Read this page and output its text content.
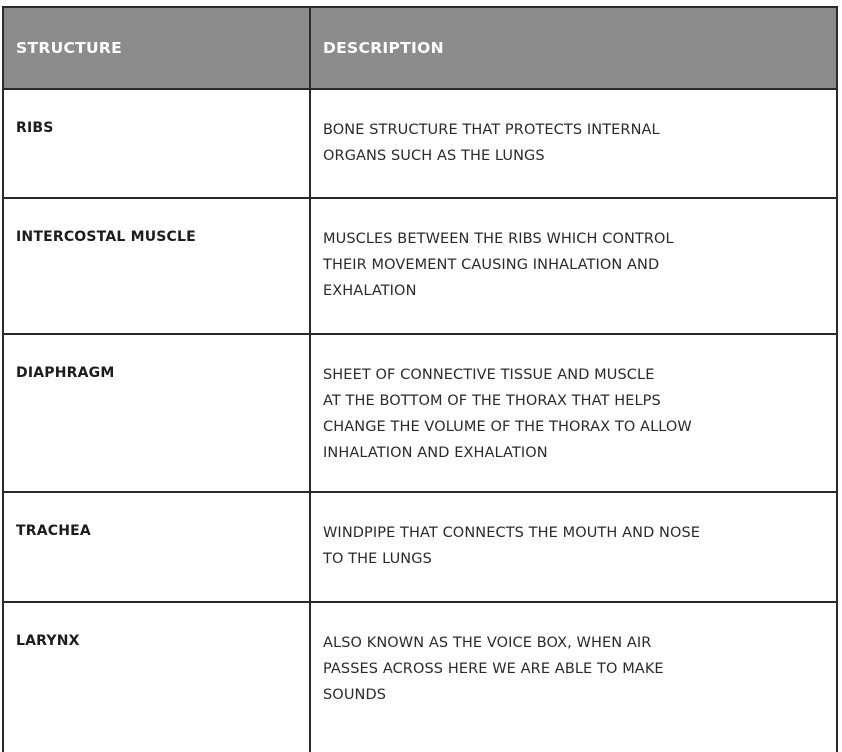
STRUCTURE	DESCRIPTION
RIBS	BONE STRUCTURE THAT PROTECTS INTERNAL
ORGANS SUCH AS THE LUNGS

INTERCOSTAL MUSCLE	MUSCLES BETWEEN THE RIBS WHICH CONTROL
THEIR MOVEMENT CAUSING INHALATION AND
EXHALATION

DIAPHRAGM	SHEET OF CONNECTIVE TISSUE AND MUSCLE
AT THE BOTTOM OF THE THORAX THAT HELPS
CHANGE THE VOLUME OF THE THORAX TO ALLOW
INHALATION AND EXHALATION

TRACHEA	WINDPIPE THAT CONNECTS THE MOUTH AND NOSE
TO THE LUNGS

LARYNX	ALSO KNOWN AS THE VOICE BOX, WHEN AIR
PASSES ACROSS HERE WE ARE ABLE TO MAKE
SOUNDS
